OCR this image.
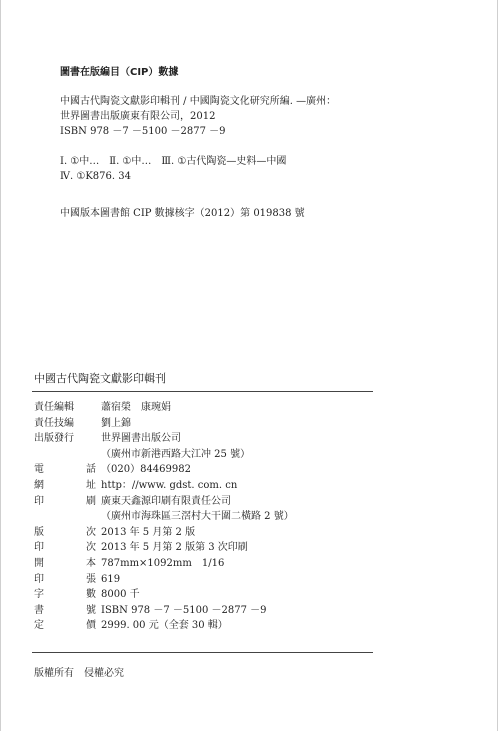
圖書在版編目（CIP）數據
中國古代陶瓷文獻影印輯刊 / 中國陶瓷文化研究所編. —廣州：
世界圖書出版廣東有限公司，2012
ISBN 978 －7 －5100 －2877 －9
Ⅰ. ①中…　Ⅱ. ①中…　Ⅲ. ①古代陶瓷—史料—中國
Ⅳ. ①K876. 34
中國版本圖書館 CIP 數據核字（2012）第 019838 號
中國古代陶瓷文獻影印輯刊
責任編輯	蕭宿榮　康琬娟
責任技編	劉上錦
出版發行	世界圖書出版公司
（廣州市新港西路大江冲 25 號）
電	話 （020）84469982
網	址 http：//www. gdst. com. cn
印	刷 廣東天鑫源印刷有限責任公司
（廣州市海珠區三滘村大干圍二橫路 2 號）
版	次 2013 年 5 月第 2 版
印	次 2013 年 5 月第 2 版第 3 次印刷
開	本 787mm×1092mm　1/16
印	張 619
字	數 8000 千
書	號 ISBN 978 －7 －5100 －2877 －9
定	價 2999. 00 元（全套 30 輯）
版權所有　侵權必究
